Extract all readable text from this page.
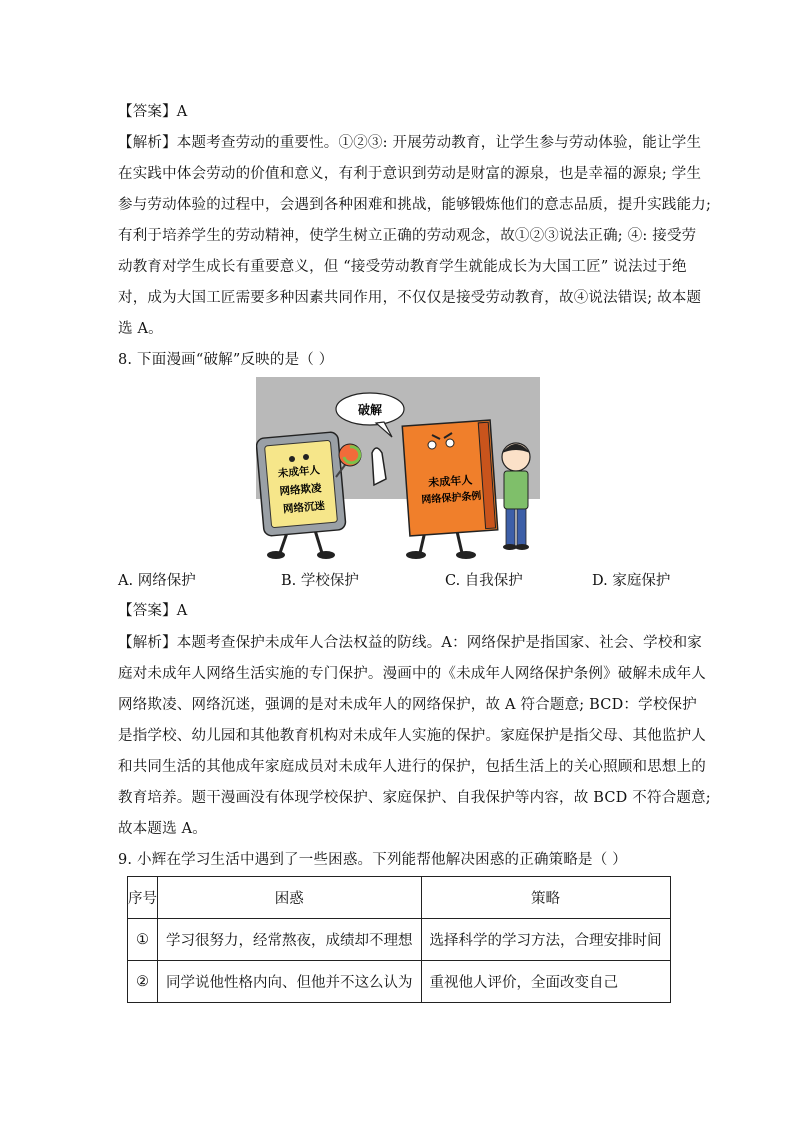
【答案】A
【解析】本题考查劳动的重要性。①②③: 开展劳动教育，让学生参与劳动体验，能让学生
在实践中体会劳动的价值和意义，有利于意识到劳动是财富的源泉，也是幸福的源泉; 学生
参与劳动体验的过程中，会遇到各种困难和挑战，能够锻炼他们的意志品质，提升实践能力;
有利于培养学生的劳动精神，使学生树立正确的劳动观念，故①②③说法正确; ④: 接受劳
动教育对学生成长有重要意义，但 “接受劳动教育学生就能成长为大国工匠” 说法过于绝
对，成为大国工匠需要多种因素共同作用，不仅仅是接受劳动教育，故④说法错误; 故本题
选 A。
8. 下面漫画“破解”反映的是（ ）
破解
未成年人
网络欺凌
网络沉迷
未成年人
网络保护条例
A. 网络保护	B. 学校保护	C. 自我保护	D. 家庭保护
【答案】A
【解析】本题考查保护未成年人合法权益的防线。A：网络保护是指国家、社会、学校和家
庭对未成年人网络生活实施的专门保护。漫画中的《未成年人网络保护条例》破解未成年人
网络欺凌、网络沉迷，强调的是对未成年人的网络保护，故 A 符合题意; BCD：学校保护
是指学校、幼儿园和其他教育机构对未成年人实施的保护。家庭保护是指父母、其他监护人
和共同生活的其他成年家庭成员对未成年人进行的保护，包括生活上的关心照顾和思想上的
教育培养。题干漫画没有体现学校保护、家庭保护、自我保护等内容，故 BCD 不符合题意;
故本题选 A。
9. 小辉在学习生活中遇到了一些困惑。下列能帮他解决困惑的正确策略是（ ）
序号	困惑	策略
①	学习很努力，经常熬夜，成绩却不理想	选择科学的学习方法，合理安排时间
②	同学说他性格内向、但他并不这么认为	重视他人评价，全面改变自己
